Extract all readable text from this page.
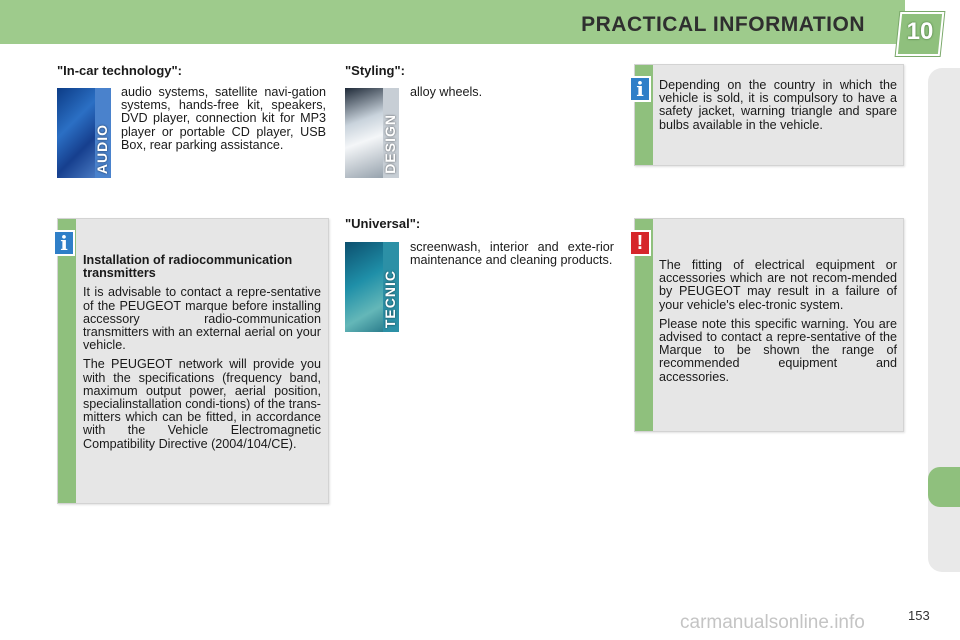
PRACTICAL INFORMATION 10
"In-car technology":
AUDIO
audio systems, satellite navi-gation systems, hands-free kit, speakers, DVD player, connection kit for MP3 player or portable CD player, USB Box, rear parking assistance.
"Styling":
DESIGN
alloy wheels.
"Universal":
TECNIC
screenwash, interior and exte-rior maintenance and cleaning products.

Installation of radiocommunication transmitters

It is advisable to contact a repre-sentative of the PEUGEOT marque before installing accessory radio-communication transmitters with an external aerial on your vehicle.

The PEUGEOT network will provide you with the specifications (frequency band, maximum output power, aerial position, specialinstallation condi-tions) of the trans-mitters which can be fitted, in accordance with the Vehicle Electromagnetic Compatibility Directive (2004/104/CE).

i
Depending on the country in which the vehicle is sold, it is compulsory to have a safety jacket, warning triangle and spare bulbs available in the vehicle.
i

The fitting of electrical equipment or accessories which are not recom-mended by PEUGEOT may result in a failure of your vehicle's elec-tronic system.

Please note this specific warning. You are advised to contact a repre-sentative of the Marque to be shown the range of recommended equipment and accessories.

!
carmanualsonline.info	153
